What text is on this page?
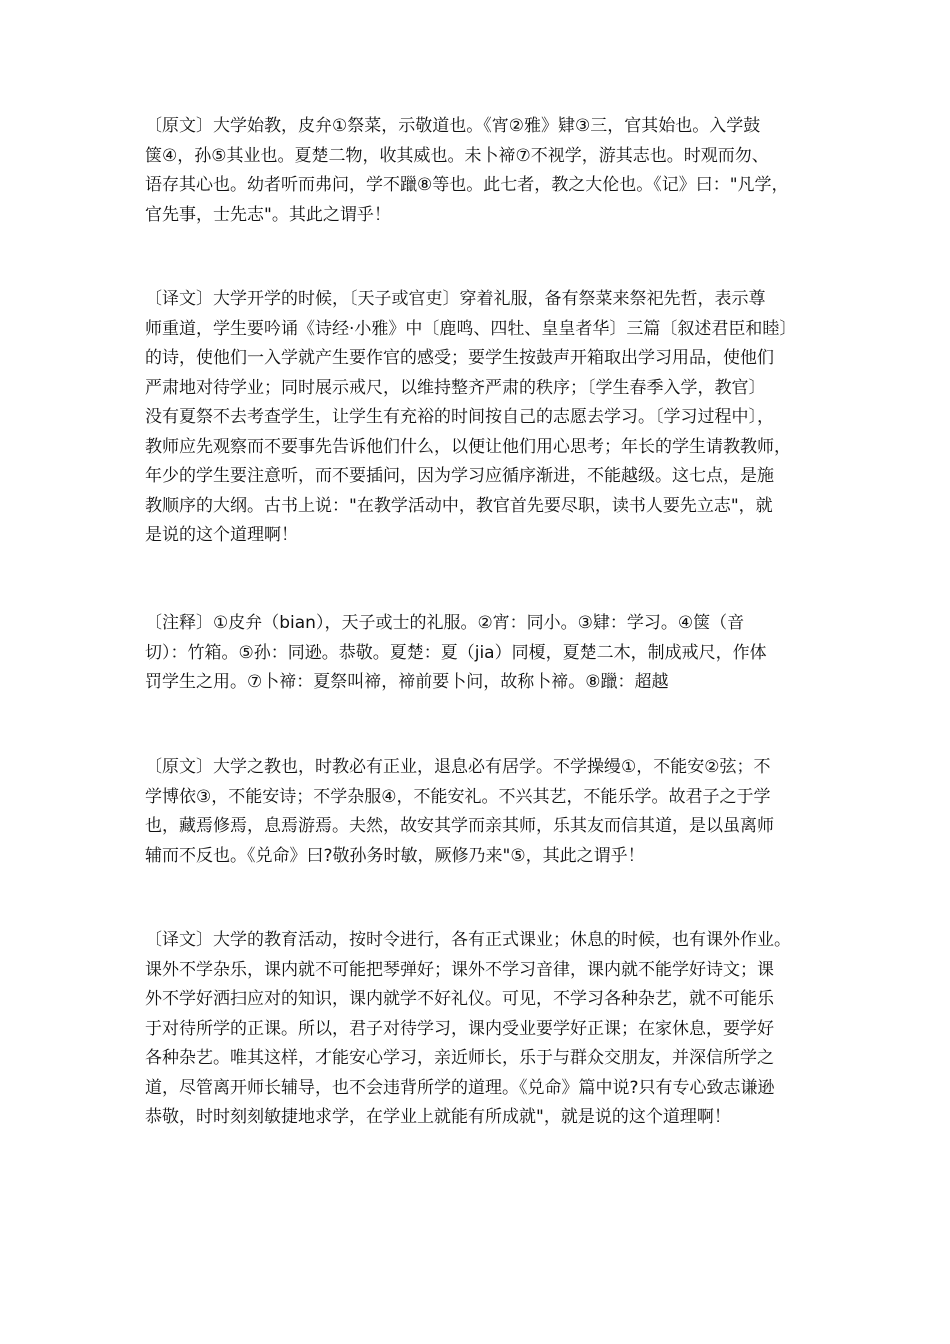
〔原文〕大学始教，皮弁①祭菜，示敬道也。《宵②雅》肄③三，官其始也。入学鼓
箧④，孙⑤其业也。夏楚二物，收其威也。未卜禘⑦不视学，游其志也。时观而勿、
语存其心也。幼者听而弗问，学不躐⑧等也。此七者，教之大伦也。《记》曰："凡学，
官先事，士先志"。其此之谓乎！

〔译文〕大学开学的时候，〔天子或官吏〕穿着礼服，备有祭菜来祭祀先哲，表示尊
师重道，学生要吟诵《诗经·小雅》中〔鹿鸣、四牡、皇皇者华〕三篇〔叙述君臣和睦〕
的诗，使他们一入学就产生要作官的感受；要学生按鼓声开箱取出学习用品，使他们
严肃地对待学业；同时展示戒尺，以维持整齐严肃的秩序；〔学生春季入学，教官〕
没有夏祭不去考查学生，让学生有充裕的时间按自己的志愿去学习。〔学习过程中〕，
教师应先观察而不要事先告诉他们什么，以便让他们用心思考；年长的学生请教教师，
年少的学生要注意听，而不要插问，因为学习应循序渐进，不能越级。这七点，是施
教顺序的大纲。古书上说："在教学活动中，教官首先要尽职，读书人要先立志"，就
是说的这个道理啊！

〔注释〕①皮弁（bian），天子或士的礼服。②宵：同小。③肄：学习。④箧（音
切）：竹箱。⑤孙：同逊。恭敬。夏楚：夏（jia）同榎，夏楚二木，制成戒尺，作体
罚学生之用。⑦卜禘：夏祭叫禘，禘前要卜问，故称卜禘。⑧躐：超越

〔原文〕大学之教也，时教必有正业，退息必有居学。不学操缦①，不能安②弦；不
学博依③，不能安诗；不学杂服④，不能安礼。不兴其艺，不能乐学。故君子之于学
也，藏焉修焉，息焉游焉。夫然，故安其学而亲其师，乐其友而信其道，是以虽离师
辅而不反也。《兑命》曰?敬孙务时敏，厥修乃来"⑤，其此之谓乎！

〔译文〕大学的教育活动，按时令进行，各有正式课业；休息的时候，也有课外作业。
课外不学杂乐，课内就不可能把琴弹好；课外不学习音律，课内就不能学好诗文；课
外不学好洒扫应对的知识，课内就学不好礼仪。可见，不学习各种杂艺，就不可能乐
于对待所学的正课。所以，君子对待学习，课内受业要学好正课；在家休息，要学好
各种杂艺。唯其这样，才能安心学习，亲近师长，乐于与群众交朋友，并深信所学之
道，尽管离开师长辅导，也不会违背所学的道理。《兑命》篇中说?只有专心致志谦逊
恭敬，时时刻刻敏捷地求学，在学业上就能有所成就"，就是说的这个道理啊！
